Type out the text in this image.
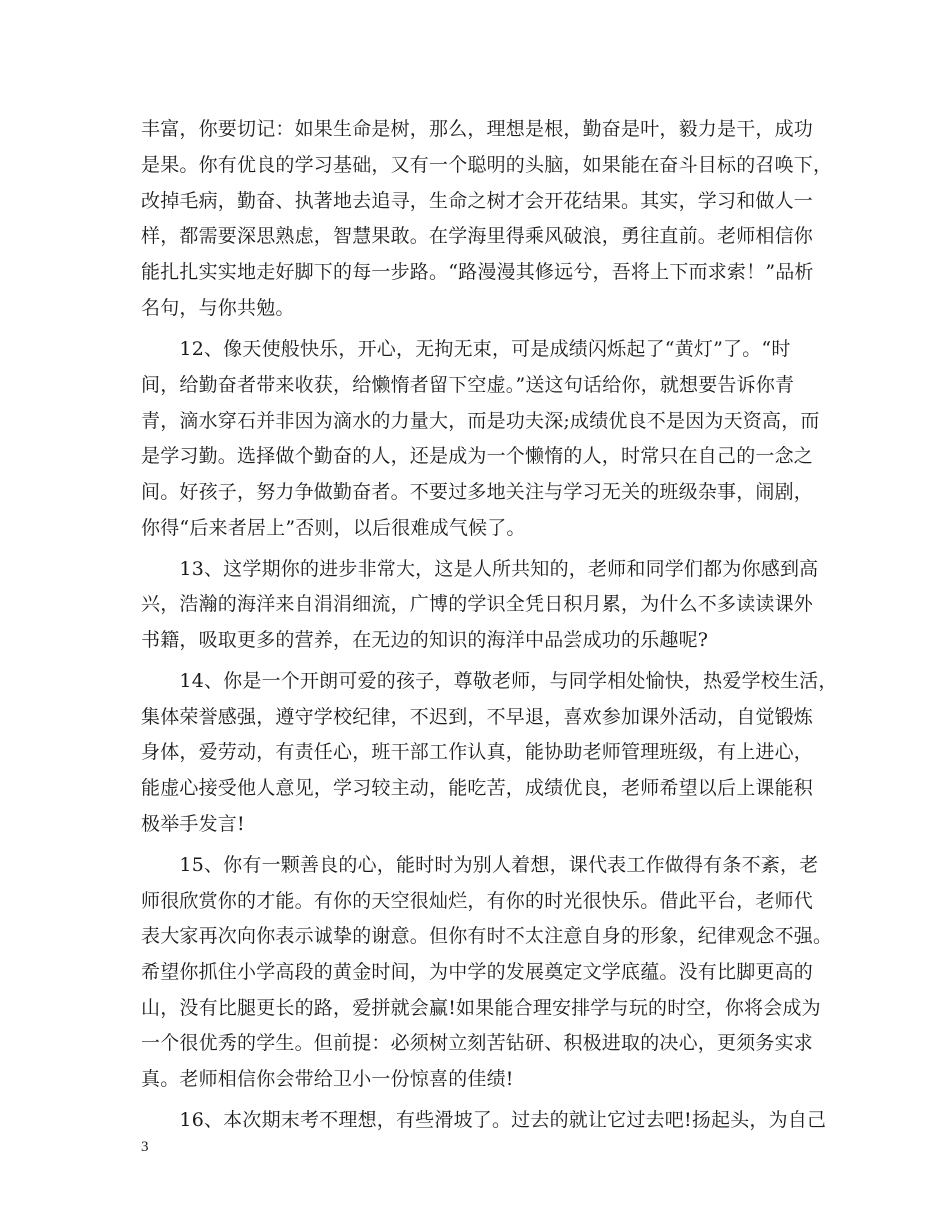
丰富，你要切记：如果生命是树，那么，理想是根，勤奋是叶，毅力是干，成功
是果。你有优良的学习基础，又有一个聪明的头脑，如果能在奋斗目标的召唤下，
改掉毛病，勤奋、执著地去追寻，生命之树才会开花结果。其实，学习和做人一
样，都需要深思熟虑，智慧果敢。在学海里得乘风破浪，勇往直前。老师相信你
能扎扎实实地走好脚下的每一步路。“路漫漫其修远兮，吾将上下而求索！”品析
名句，与你共勉。
　　12、像天使般快乐，开心，无拘无束，可是成绩闪烁起了“黄灯”了。“时
间，给勤奋者带来收获，给懒惰者留下空虚。”送这句话给你，就想要告诉你青
青，滴水穿石并非因为滴水的力量大，而是功夫深;成绩优良不是因为天资高，而
是学习勤。选择做个勤奋的人，还是成为一个懒惰的人，时常只在自己的一念之
间。好孩子，努力争做勤奋者。不要过多地关注与学习无关的班级杂事，闹剧，
你得“后来者居上”否则，以后很难成气候了。
　　13、这学期你的进步非常大，这是人所共知的，老师和同学们都为你感到高
兴，浩瀚的海洋来自涓涓细流，广博的学识全凭日积月累，为什么不多读读课外
书籍，吸取更多的营养，在无边的知识的海洋中品尝成功的乐趣呢?
　　14、你是一个开朗可爱的孩子，尊敬老师，与同学相处愉快，热爱学校生活，
集体荣誉感强，遵守学校纪律，不迟到，不早退，喜欢参加课外活动，自觉锻炼
身体，爱劳动，有责任心，班干部工作认真，能协助老师管理班级，有上进心，
能虚心接受他人意见，学习较主动，能吃苦，成绩优良，老师希望以后上课能积
极举手发言!
　　15、你有一颗善良的心，能时时为别人着想，课代表工作做得有条不紊，老
师很欣赏你的才能。有你的天空很灿烂，有你的时光很快乐。借此平台，老师代
表大家再次向你表示诚挚的谢意。但你有时不太注意自身的形象，纪律观念不强。
希望你抓住小学高段的黄金时间，为中学的发展奠定文学底蕴。没有比脚更高的
山，没有比腿更长的路，爱拼就会赢!如果能合理安排学与玩的时空，你将会成为
一个很优秀的学生。但前提：必须树立刻苦钻研、积极进取的决心，更须务实求
真。老师相信你会带给卫小一份惊喜的佳绩!
　　16、本次期末考不理想，有些滑坡了。过去的就让它过去吧!扬起头，为自己
3
